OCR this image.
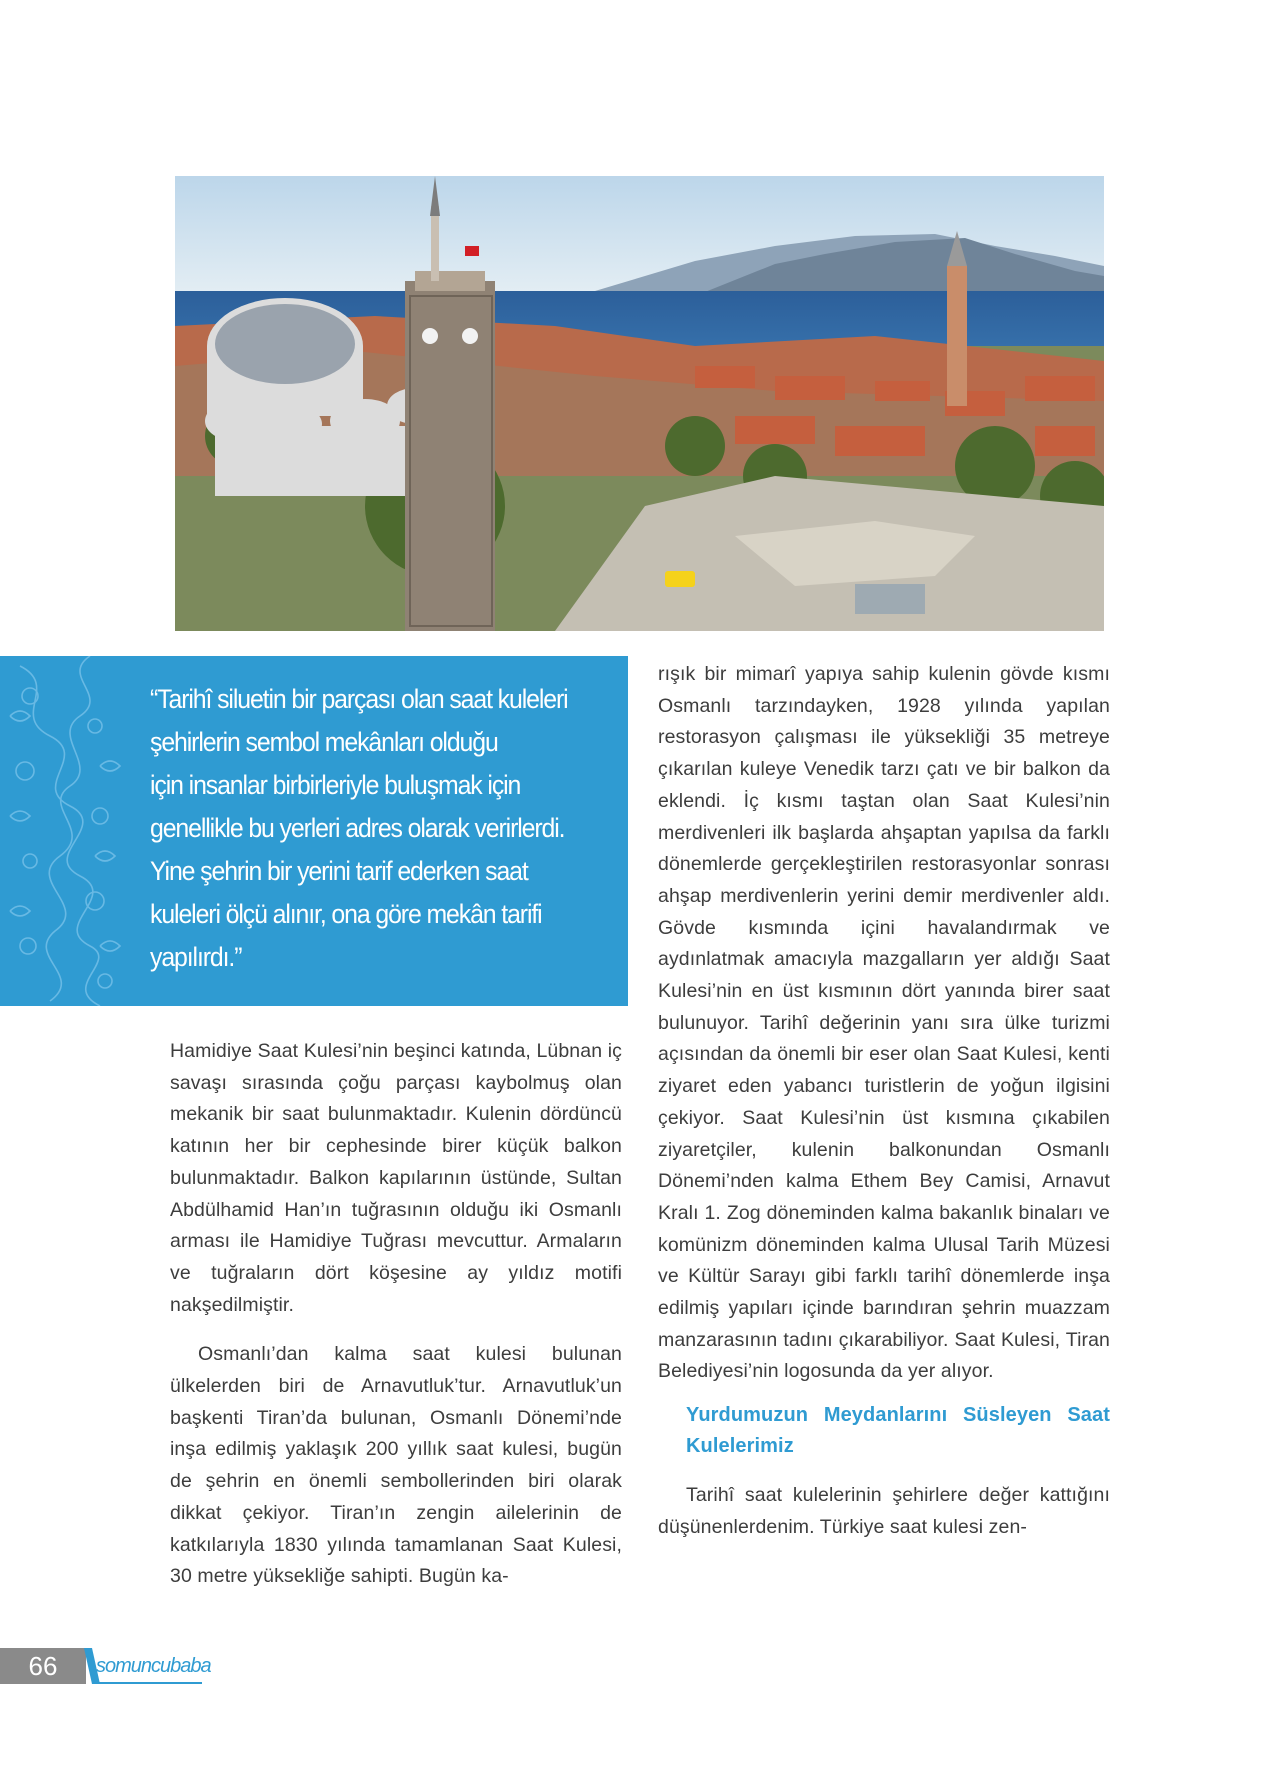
“Tarihî siluetin bir parçası olan saat kuleleri
şehirlerin sembol mekânları olduğu
için insanlar birbirleriyle buluşmak için
genellikle bu yerleri adres olarak verirlerdi.
Yine şehrin bir yerini tarif ederken saat
kuleleri ölçü alınır, ona göre mekân tarifi
yapılırdı.”

Hamidiye Saat Kulesi’nin beşinci katında, Lübnan iç savaşı sırasında çoğu parçası kaybolmuş olan mekanik bir saat bulunmaktadır. Kulenin dördüncü katının her bir cephesinde birer küçük balkon bulunmaktadır. Balkon kapılarının üstünde, Sultan Abdülhamid Han’ın tuğrasının olduğu iki Osmanlı arması ile Hamidiye Tuğrası mevcuttur. Armaların ve tuğraların dört köşesine ay yıldız motifi nakşedilmiştir.

Osmanlı’dan kalma saat kulesi bulunan ülkelerden biri de Arnavutluk’tur. Arnavutluk’un başkenti Tiran’da bulunan, Osmanlı Dönemi’nde inşa edilmiş yaklaşık 200 yıllık saat kulesi, bugün de şehrin en önemli sembollerinden biri olarak dikkat çekiyor. Tiran’ın zengin ailelerinin de katkılarıyla 1830 yılında tamamlanan Saat Kulesi, 30 metre yüksekliğe sahipti. Bugün ka-

rışık bir mimarî yapıya sahip kulenin gövde kısmı Osmanlı tarzındayken, 1928 yılında yapılan restorasyon çalışması ile yüksekliği 35 metreye çıkarılan kuleye Venedik tarzı çatı ve bir balkon da eklendi. İç kısmı taştan olan Saat Kulesi’nin merdivenleri ilk başlarda ahşaptan yapılsa da farklı dönemlerde gerçekleştirilen restorasyonlar sonrası ahşap merdivenlerin yerini demir merdivenler aldı. Gövde kısmında içini havalandırmak ve aydınlatmak amacıyla mazgalların yer aldığı Saat Kulesi’nin en üst kısmının dört yanında birer saat bulunuyor. Tarihî değerinin yanı sıra ülke turizmi açısından da önemli bir eser olan Saat Kulesi, kenti ziyaret eden yabancı turistlerin de yoğun ilgisini çekiyor. Saat Kulesi’nin üst kısmına çıkabilen ziyaretçiler, kulenin balkonundan Osmanlı Dönemi’nden kalma Ethem Bey Camisi, Arnavut Kralı 1. Zog döneminden kalma bakanlık binaları ve komünizm döneminden kalma Ulusal Tarih Müzesi ve Kültür Sarayı gibi farklı tarihî dönemlerde inşa edilmiş yapıları içinde barındıran şehrin muazzam manzarasının tadını çıkarabiliyor. Saat Kulesi, Tiran Belediyesi’nin logosunda da yer alıyor.

Yurdumuzun Meydanlarını Süsleyen Saat Kulelerimiz

Tarihî saat kulelerinin şehirlere değer kattığını düşünenlerdenim. Türkiye saat kulesi zen-

66	somuncubaba
